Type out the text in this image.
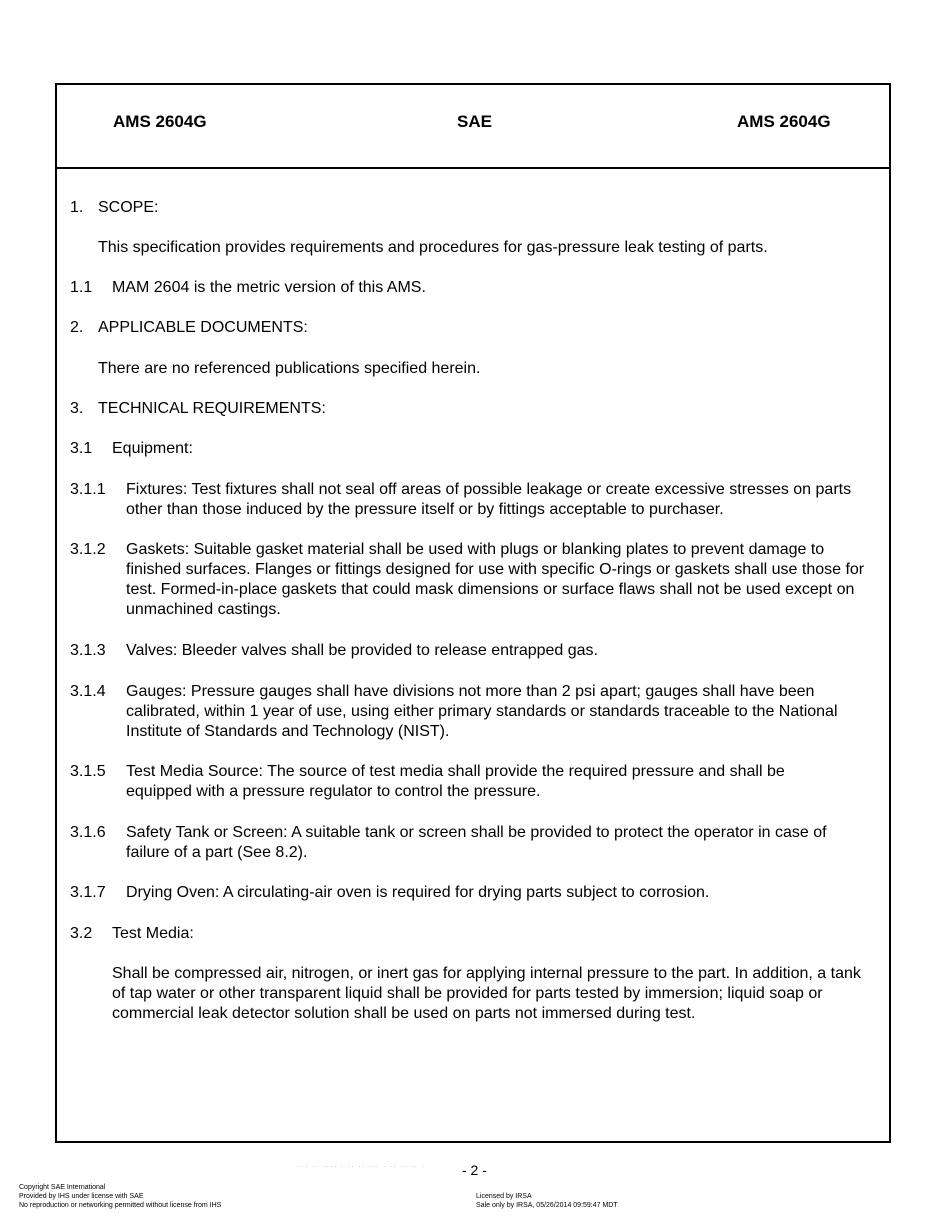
AMS 2604G	SAE	AMS 2604G
1. SCOPE:
This specification provides requirements and procedures for gas-pressure leak testing of parts.
1.1 MAM 2604 is the metric version of this AMS.
2. APPLICABLE DOCUMENTS:
There are no referenced publications specified herein.
3. TECHNICAL REQUIREMENTS:
3.1 Equipment:
3.1.1 Fixtures: Test fixtures shall not seal off areas of possible leakage or create excessive stresses on parts other than those induced by the pressure itself or by fittings acceptable to purchaser.
3.1.2 Gaskets: Suitable gasket material shall be used with plugs or blanking plates to prevent damage to finished surfaces. Flanges or fittings designed for use with specific O-rings or gaskets shall use those for test. Formed-in-place gaskets that could mask dimensions or surface flaws shall not be used except on unmachined castings.
3.1.3 Valves: Bleeder valves shall be provided to release entrapped gas.
3.1.4 Gauges: Pressure gauges shall have divisions not more than 2 psi apart; gauges shall have been calibrated, within 1 year of use, using either primary standards or standards traceable to the National Institute of Standards and Technology (NIST).
3.1.5 Test Media Source: The source of test media shall provide the required pressure and shall be equipped with a pressure regulator to control the pressure.
3.1.6 Safety Tank or Screen: A suitable tank or screen shall be provided to protect the operator in case of failure of a part (See 8.2).
3.1.7 Drying Oven: A circulating-air oven is required for drying parts subject to corrosion.
3.2 Test Media:
Shall be compressed air, nitrogen, or inert gas for applying internal pressure to the part. In addition, a tank of tap water or other transparent liquid shall be provided for parts tested by immersion; liquid soap or commercial leak detector solution shall be used on parts not immersed during test.
··· ·· ···· · ·· ·· ··· · ·· ·· ·· ·	- 2 -
Copyright SAE International
Provided by IHS under license with SAE
No reproduction or networking permitted without license from IHS
Licensed by IRSA
Sale only by IRSA, 05/26/2014 09:59:47 MDT
